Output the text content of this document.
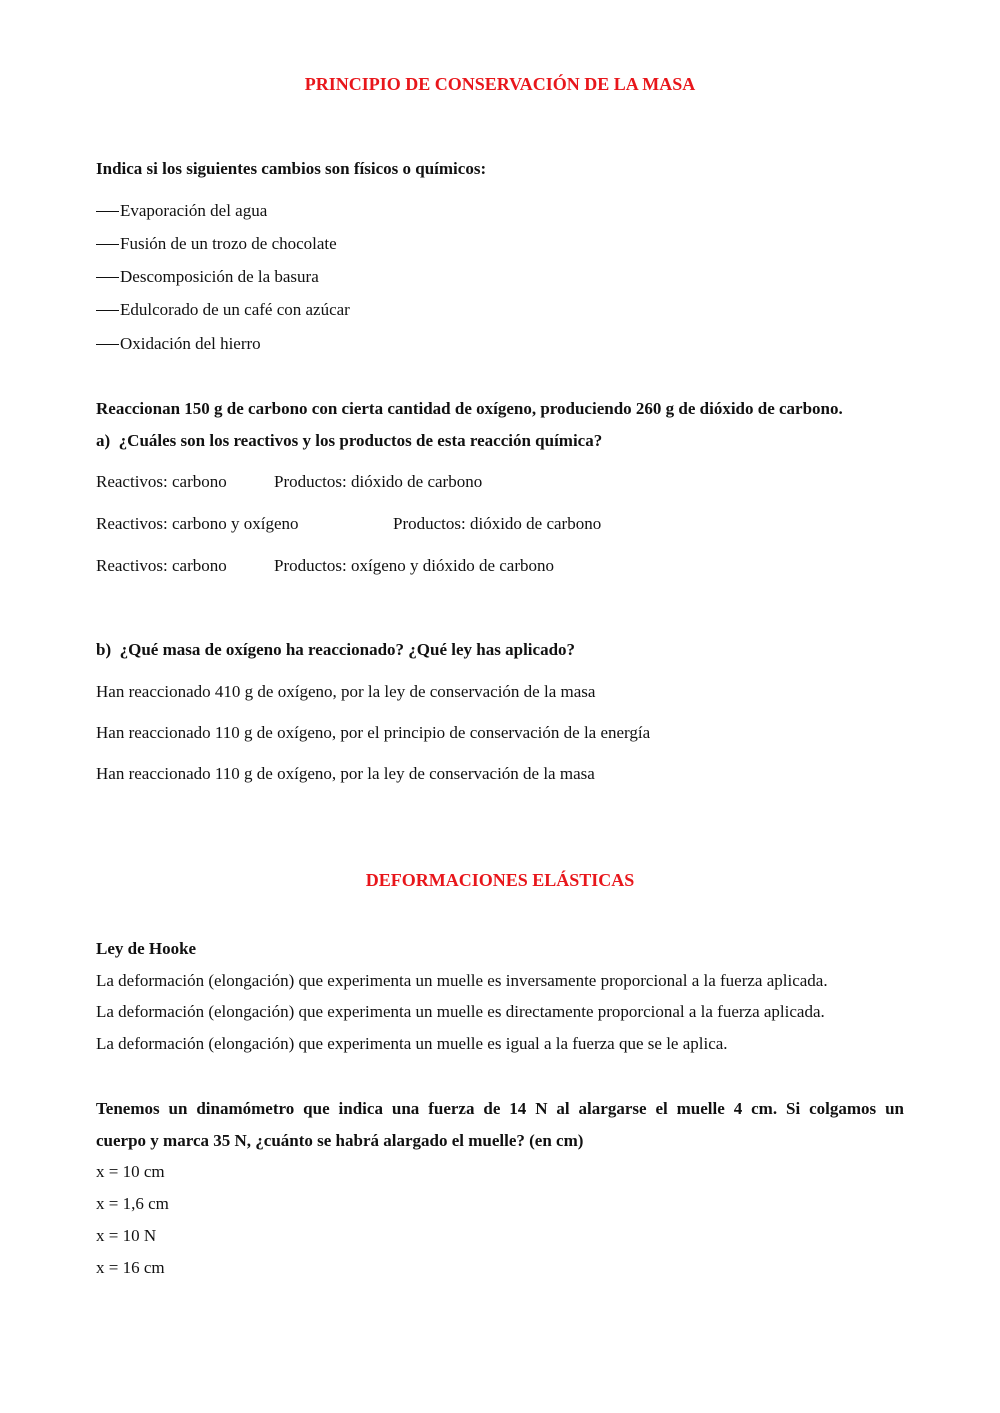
PRINCIPIO DE CONSERVACIÓN DE LA MASA
Indica si los siguientes cambios son físicos o químicos:
Evaporación del agua
Fusión de un trozo de chocolate
Descomposición de la basura
Edulcorado de un café con azúcar
Oxidación del hierro
Reaccionan 150 g de carbono con cierta cantidad de oxígeno, produciendo 260 g de dióxido de carbono.
a) ¿Cuáles son los reactivos y los productos de esta reacción química?
Reactivos: carbono	Productos: dióxido de carbono
Reactivos: carbono y oxígeno	Productos: dióxido de carbono
Reactivos: carbono	Productos: oxígeno y dióxido de carbono
b) ¿Qué masa de oxígeno ha reaccionado? ¿Qué ley has aplicado?
Han reaccionado 410 g de oxígeno, por la ley de conservación de la masa
Han reaccionado 110 g de oxígeno, por el principio de conservación de la energía
Han reaccionado 110 g de oxígeno, por la ley de conservación de la masa
DEFORMACIONES ELÁSTICAS
Ley de Hooke
La deformación (elongación) que experimenta un muelle es inversamente proporcional a la fuerza aplicada.
La deformación (elongación) que experimenta un muelle es directamente proporcional a la fuerza aplicada.
La deformación (elongación) que experimenta un muelle es igual a la fuerza que se le aplica.
Tenemos un dinamómetro que indica una fuerza de 14 N al alargarse el muelle 4 cm. Si colgamos un
cuerpo y marca 35 N, ¿cuánto se habrá alargado el muelle? (en cm)
x = 10 cm
x = 1,6 cm
x = 10 N
x = 16 cm
